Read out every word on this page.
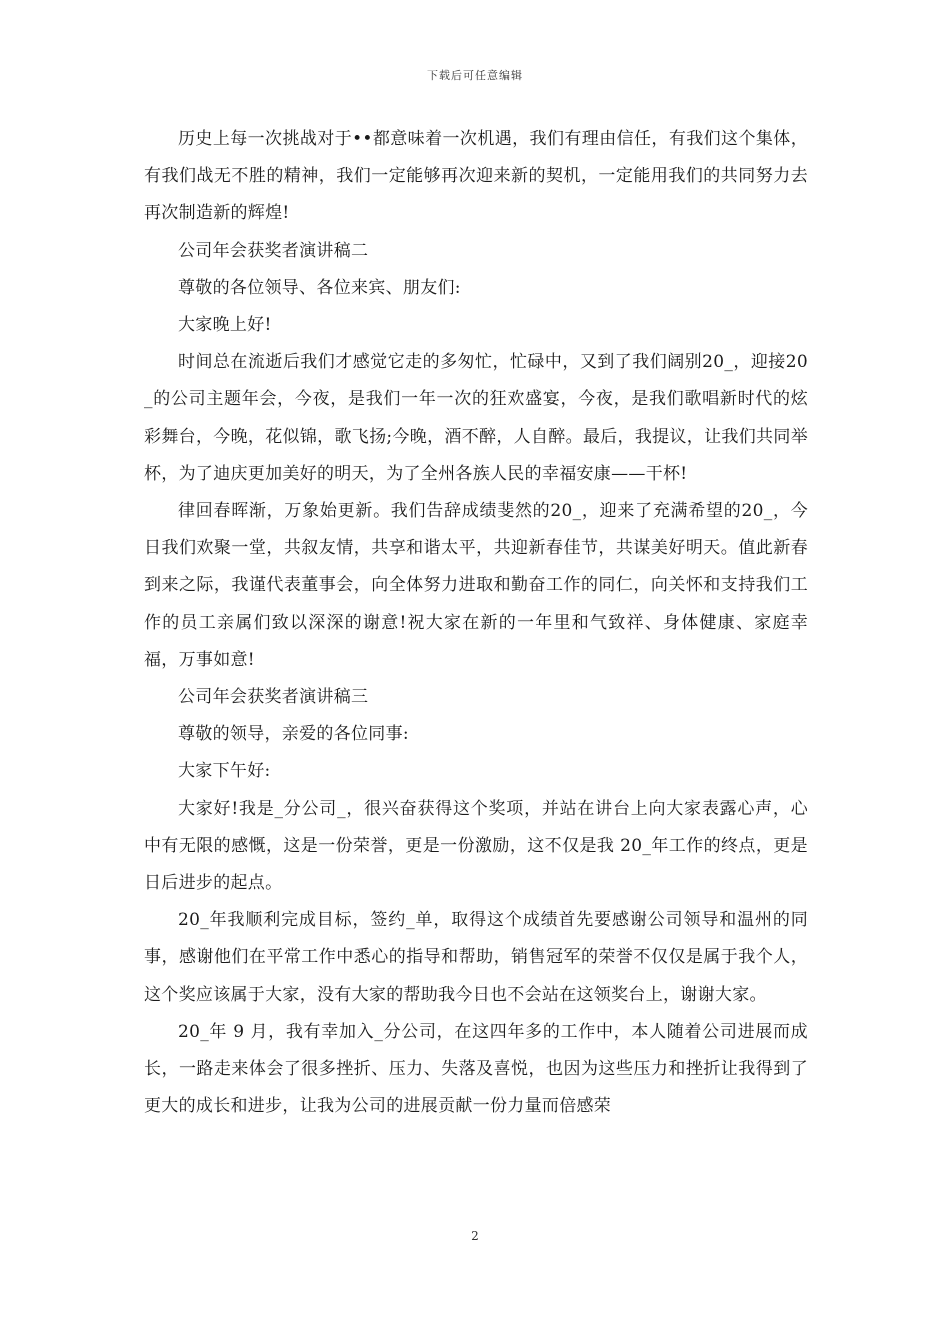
下载后可任意编辑

历史上每一次挑战对于••都意味着一次机遇，我们有理由信任，有我们这个集体，有我们战无不胜的精神，我们一定能够再次迎来新的契机，一定能用我们的共同努力去再次制造新的辉煌!

公司年会获奖者演讲稿二

尊敬的各位领导、各位来宾、朋友们:

大家晚上好!

时间总在流逝后我们才感觉它走的多匆忙，忙碌中，又到了我们阔别20_，迎接20_的公司主题年会，今夜，是我们一年一次的狂欢盛宴，今夜，是我们歌唱新时代的炫彩舞台，今晚，花似锦，歌飞扬;今晚，酒不醉，人自醉。最后，我提议，让我们共同举杯，为了迪庆更加美好的明天，为了全州各族人民的幸福安康——干杯!

律回春晖渐，万象始更新。我们告辞成绩斐然的20_，迎来了充满希望的20_，今日我们欢聚一堂，共叙友情，共享和谐太平，共迎新春佳节，共谋美好明天。值此新春到来之际，我谨代表董事会，向全体努力进取和勤奋工作的同仁，向关怀和支持我们工作的员工亲属们致以深深的谢意!祝大家在新的一年里和气致祥、身体健康、家庭幸福，万事如意!

公司年会获奖者演讲稿三

尊敬的领导，亲爱的各位同事:

大家下午好:

大家好!我是_分公司_，很兴奋获得这个奖项，并站在讲台上向大家表露心声，心中有无限的感慨，这是一份荣誉，更是一份激励，这不仅是我 20_年工作的终点，更是日后进步的起点。

20_年我顺利完成目标，签约_单，取得这个成绩首先要感谢公司领导和温州的同事，感谢他们在平常工作中悉心的指导和帮助，销售冠军的荣誉不仅仅是属于我个人，这个奖应该属于大家，没有大家的帮助我今日也不会站在这领奖台上，谢谢大家。

20_年 9 月，我有幸加入_分公司，在这四年多的工作中，本人随着公司进展而成长，一路走来体会了很多挫折、压力、失落及喜悦，也因为这些压力和挫折让我得到了更大的成长和进步，让我为公司的进展贡献一份力量而倍感荣

2
